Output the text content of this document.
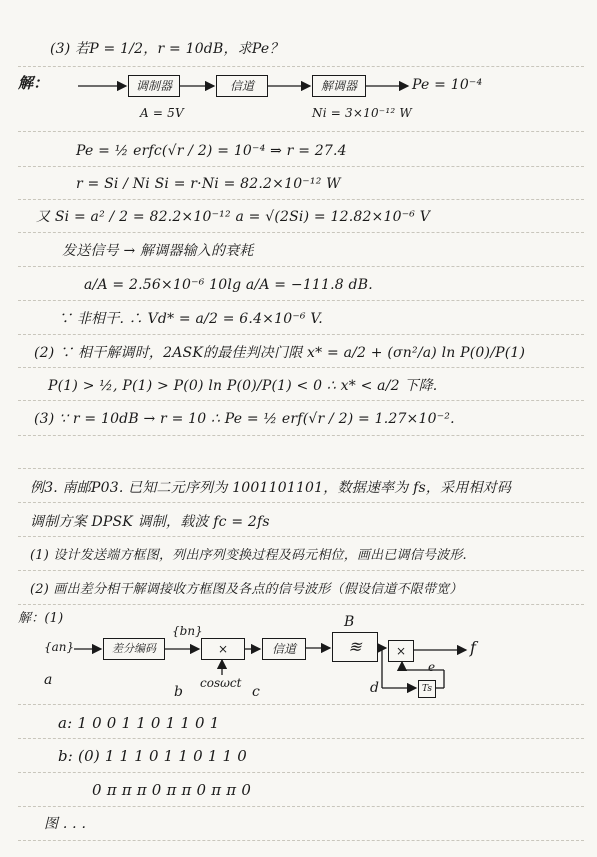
(3) 若P = 1/2，r = 10dB，求Pe？
解：	调制器	信道	解调器	Pe = 10⁻⁴
A = 5V	Ni = 3×10⁻¹² W
Pe = ½ erfc(√r / 2) = 10⁻⁴ ⇒ r = 27.4
r = Si / Ni Si = r·Ni = 82.2×10⁻¹² W
又 Si = a² / 2 = 82.2×10⁻¹² a = √(2Si) = 12.82×10⁻⁶ V
发送信号 → 解调器输入的衰耗
a/A = 2.56×10⁻⁶ 10lg a/A = −111.8 dB.
∵ 非相干. ∴ Vd* = a/2 = 6.4×10⁻⁶ V.
(2) ∵ 相干解调时，2ASK的最佳判决门限 x* = a/2 + (σn²/a) ln P(0)/P(1)
P(1) > ½, P(1) > P(0) ln P(0)/P(1) < 0 ∴ x* < a/2 下降.
(3) ∵ r = 10dB → r = 10 ∴ Pe = ½ erf(√r / 2) = 1.27×10⁻².
例3. 南邮P03. 已知二元序列为 1001101101，数据速率为 fs，采用相对码
调制方案 DPSK 调制，载波 fc = 2fs
(1) 设计发送端方框图，列出序列变换过程及码元相位，画出已调信号波形.
(2) 画出差分相干解调接收方框图及各点的信号波形（假设信道不限带宽）
解：(1)
{an}	差分编码
{bn}
×	信道	≋	×	f
cosωct	Ts
a
b	c
B
d
e
a: 1 0 0 1 1 0 1 1 0 1
b: (0) 1 1 1 0 1 1 0 1 1 0
0 π π π 0 π π 0 π π 0
图 . . .
